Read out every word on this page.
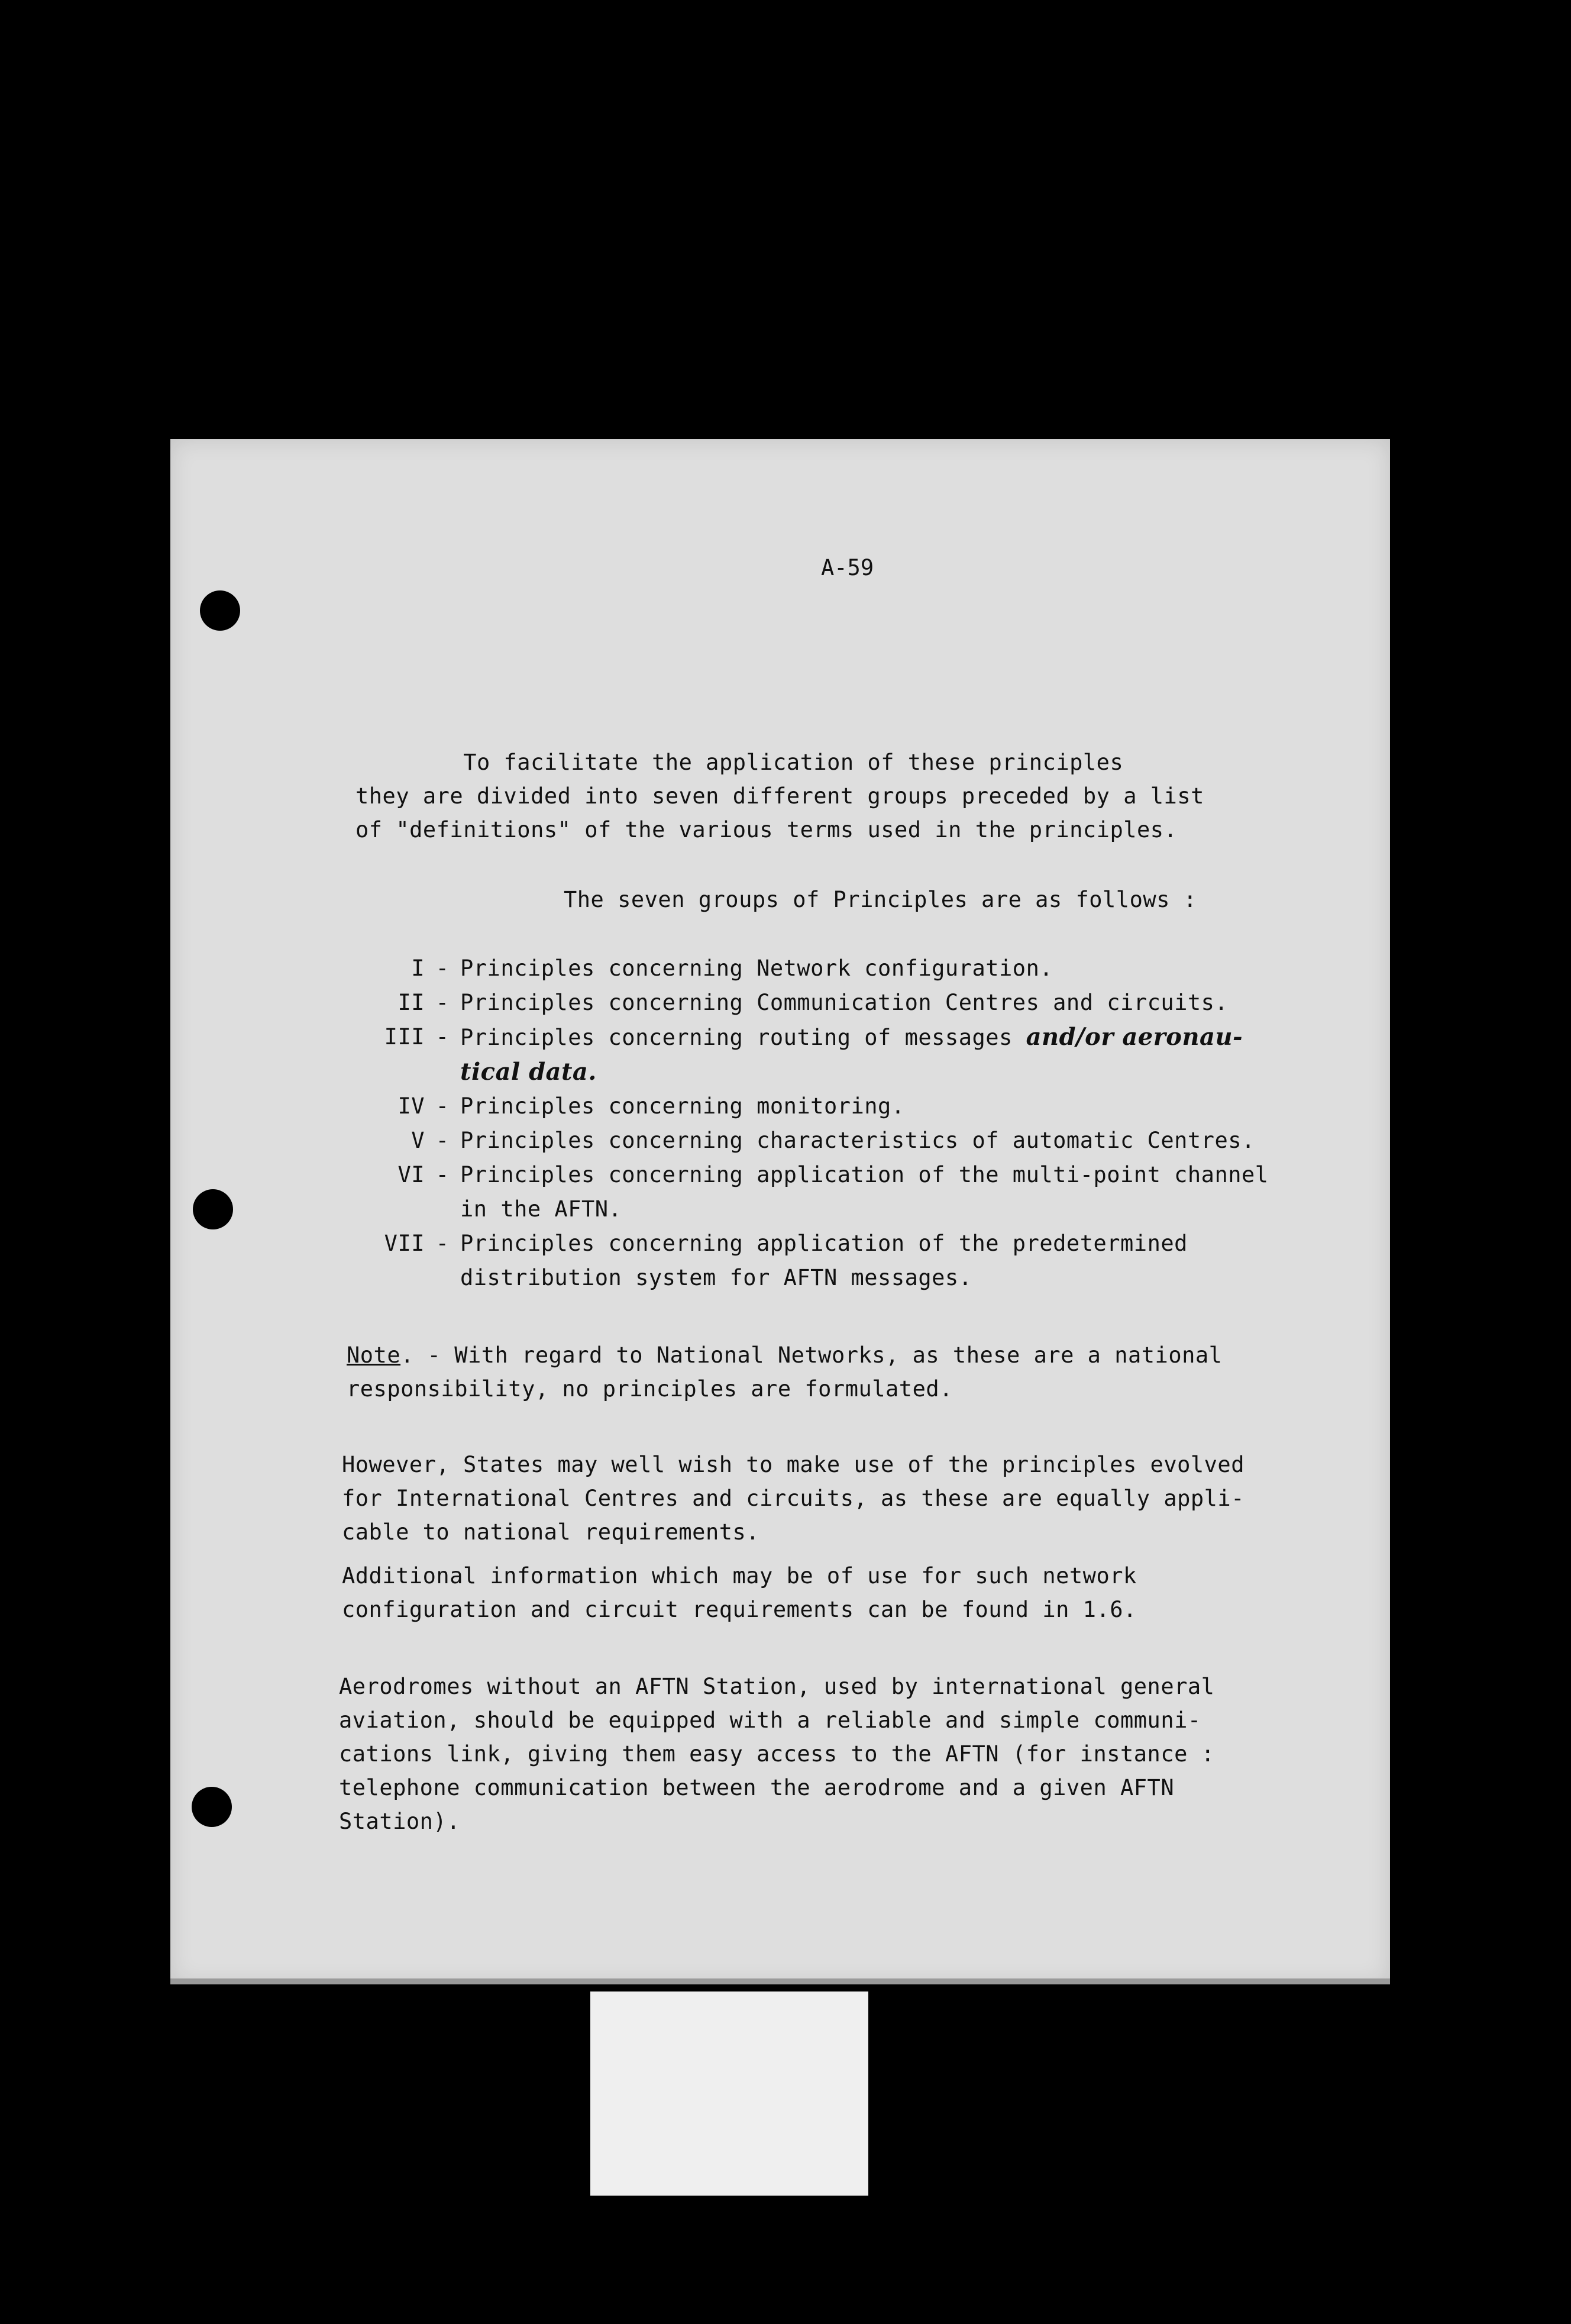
A-59
To facilitate the application of these principles
they are divided into seven different groups preceded by a list
of "definitions" of the various terms used in the principles.
The seven groups of Principles are as follows :
I - Principles concerning Network configuration.
II - Principles concerning Communication Centres and circuits.
III - Principles concerning routing of messages and/or aeronau-
tical data.
IV - Principles concerning monitoring.
V - Principles concerning characteristics of automatic Centres.
VI - Principles concerning application of the multi-point channel
in the AFTN.
VII - Principles concerning application of the predetermined
distribution system for AFTN messages.
Note. - With regard to National Networks, as these are a national
responsibility, no principles are formulated.
However, States may well wish to make use of the principles evolved
for International Centres and circuits, as these are equally appli-
cable to national requirements.
Additional information which may be of use for such network
configuration and circuit requirements can be found in 1.6.
Aerodromes without an AFTN Station, used by international general
aviation, should be equipped with a reliable and simple communi-
cations link, giving them easy access to the AFTN (for instance :
telephone communication between the aerodrome and a given AFTN
Station).
